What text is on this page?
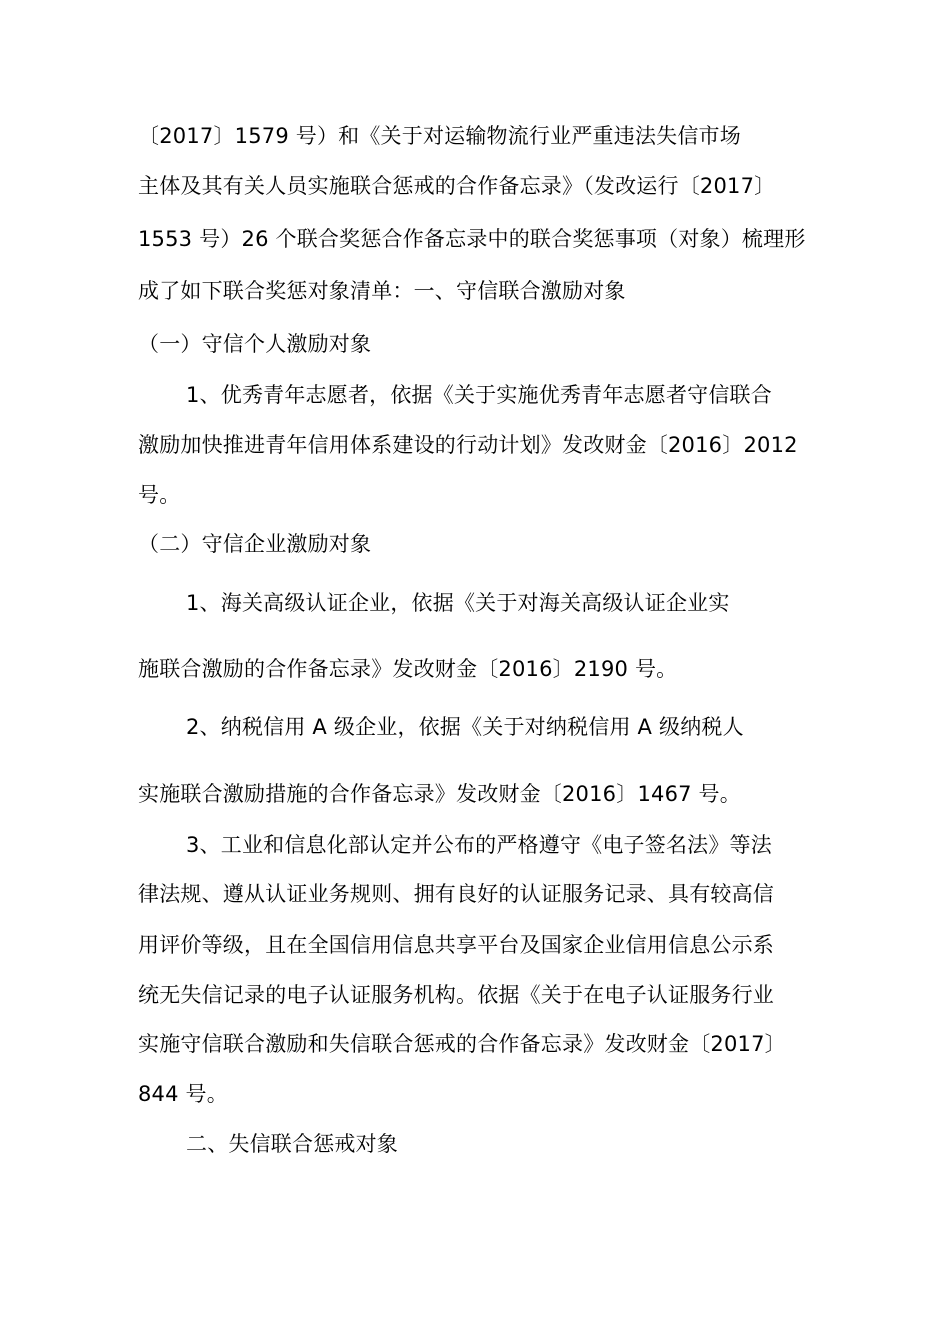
〔2017〕1579 号）和《关于对运输物流行业严重违法失信市场
主体及其有关人员实施联合惩戒的合作备忘录》（发改运行〔2017〕
1553 号）26 个联合奖惩合作备忘录中的联合奖惩事项（对象）梳理形
成了如下联合奖惩对象清单：一、守信联合激励对象
（一）守信个人激励对象
1、优秀青年志愿者，依据《关于实施优秀青年志愿者守信联合
激励加快推进青年信用体系建设的行动计划》发改财金〔2016〕2012
号。
（二）守信企业激励对象
1、海关高级认证企业，依据《关于对海关高级认证企业实
施联合激励的合作备忘录》发改财金〔2016〕2190 号。
2、纳税信用 A 级企业，依据《关于对纳税信用 A 级纳税人
实施联合激励措施的合作备忘录》发改财金〔2016〕1467 号。
3、工业和信息化部认定并公布的严格遵守《电子签名法》等法
律法规、遵从认证业务规则、拥有良好的认证服务记录、具有较高信
用评价等级，且在全国信用信息共享平台及国家企业信用信息公示系
统无失信记录的电子认证服务机构。依据《关于在电子认证服务行业
实施守信联合激励和失信联合惩戒的合作备忘录》发改财金〔2017〕
844 号。
二、失信联合惩戒对象
